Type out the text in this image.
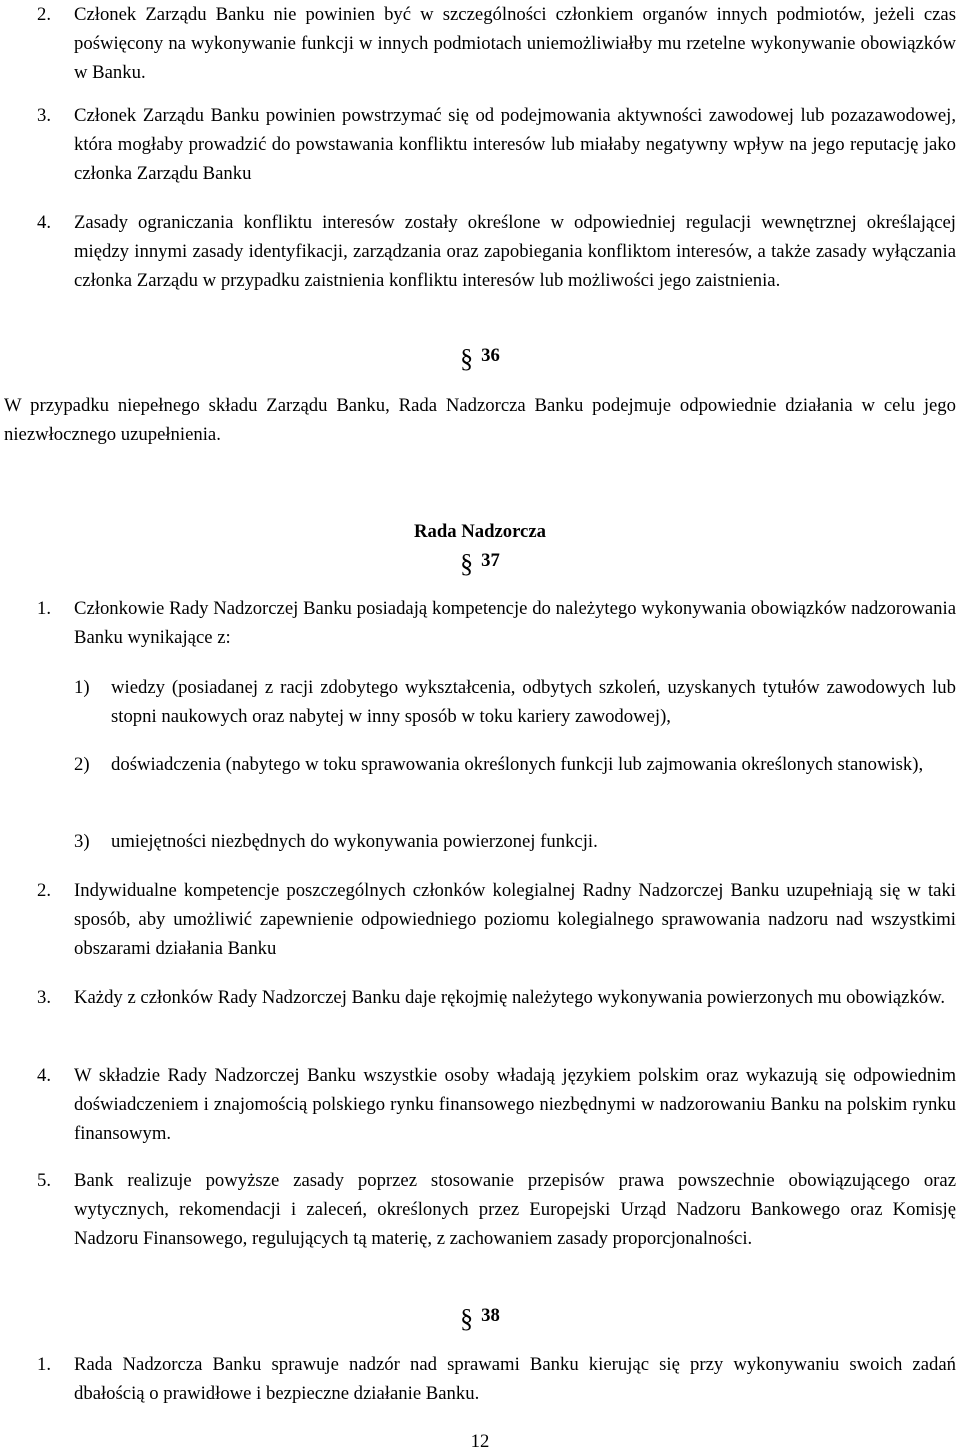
2. Członek Zarządu Banku nie powinien być w szczególności członkiem organów innych podmiotów, jeżeli czas poświęcony na wykonywanie funkcji w innych podmiotach uniemożliwiałby mu rzetelne wykonywanie obowiązków w Banku.
3. Członek Zarządu Banku powinien powstrzymać się od podejmowania aktywności zawodowej lub pozazawodowej, która mogłaby prowadzić do powstawania konfliktu interesów lub miałaby negatywny wpływ na jego reputację jako członka Zarządu Banku
4. Zasady ograniczania konfliktu interesów zostały określone w odpowiedniej regulacji wewnętrznej określającej między innymi zasady identyfikacji, zarządzania oraz zapobiegania konfliktom interesów, a także zasady wyłączania członka Zarządu w przypadku zaistnienia konfliktu interesów lub możliwości jego zaistnienia.
§ 36
W przypadku niepełnego składu Zarządu Banku, Rada Nadzorcza Banku podejmuje odpowiednie działania w celu jego niezwłocznego uzupełnienia.
Rada Nadzorcza
§ 37
1. Członkowie Rady Nadzorczej Banku posiadają kompetencje do należytego wykonywania obowiązków nadzorowania Banku wynikające z:
1) wiedzy (posiadanej z racji zdobytego wykształcenia, odbytych szkoleń, uzyskanych tytułów zawodowych lub stopni naukowych oraz nabytej w inny sposób w toku kariery zawodowej),
2) doświadczenia (nabytego w toku sprawowania określonych funkcji lub zajmowania określonych stanowisk),
3) umiejętności niezbędnych do wykonywania powierzonej funkcji.
2. Indywidualne kompetencje poszczególnych członków kolegialnej Radny Nadzorczej Banku uzupełniają się w taki sposób, aby umożliwić zapewnienie odpowiedniego poziomu kolegialnego sprawowania nadzoru nad wszystkimi obszarami działania Banku
3. Każdy z członków Rady Nadzorczej Banku daje rękojmię należytego wykonywania powierzonych mu obowiązków.
4. W składzie Rady Nadzorczej Banku wszystkie osoby władają językiem polskim oraz wykazują się odpowiednim doświadczeniem i znajomością polskiego rynku finansowego niezbędnymi w nadzorowaniu Banku na polskim rynku finansowym.
5. Bank realizuje powyższe zasady poprzez stosowanie przepisów prawa powszechnie obowiązującego oraz wytycznych, rekomendacji i zaleceń, określonych przez Europejski Urząd Nadzoru Bankowego oraz Komisję Nadzoru Finansowego, regulujących tą materię, z zachowaniem zasady proporcjonalności.
§ 38
1. Rada Nadzorcza Banku sprawuje nadzór nad sprawami Banku kierując się przy wykonywaniu swoich zadań dbałością o prawidłowe i bezpieczne działanie Banku.
12
